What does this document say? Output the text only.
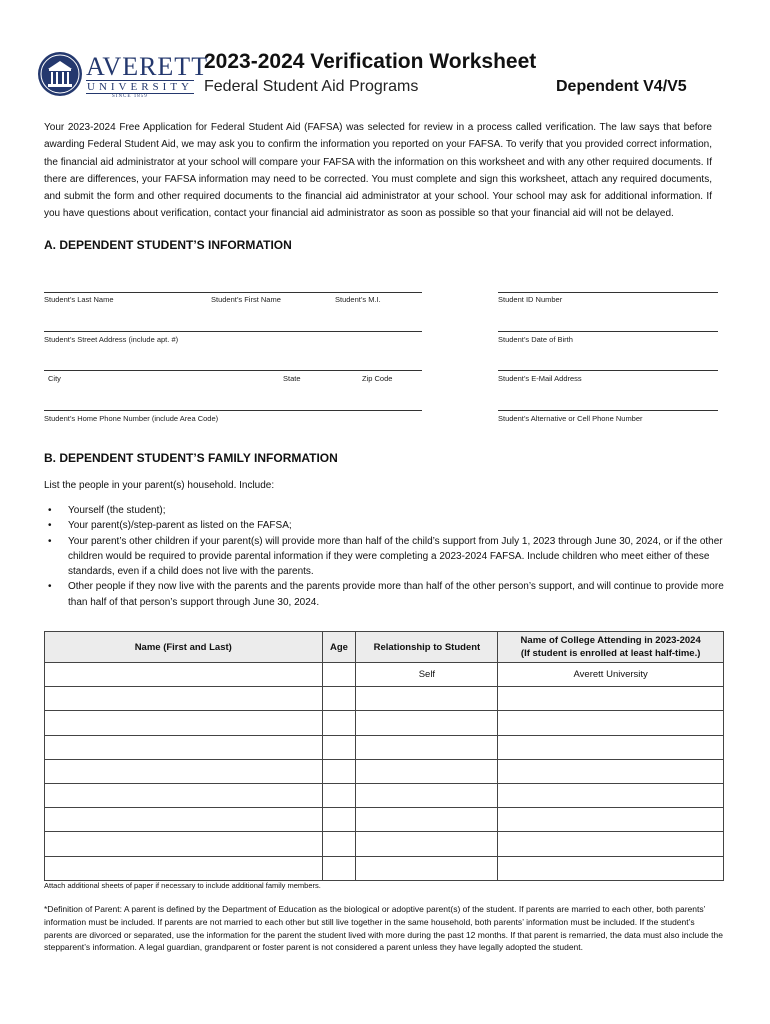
AVERETT
UNIVERSITY
SINCE 1859
2023-2024 Verification Worksheet
Federal Student Aid Programs	Dependent V4/V5
Your 2023-2024 Free Application for Federal Student Aid (FAFSA) was selected for review in a process called verification. The law says that before awarding Federal Student Aid, we may ask you to confirm the information you reported on your FAFSA. To verify that you provided correct information, the financial aid administrator at your school will compare your FAFSA with the information on this worksheet and with any other required documents. If there are differences, your FAFSA information may need to be corrected. You must complete and sign this worksheet, attach any required documents, and submit the form and other required documents to the financial aid administrator at your school. Your school may ask for additional information. If you have questions about verification, contact your financial aid administrator as soon as possible so that your financial aid will not be delayed.
A. DEPENDENT STUDENT’S INFORMATION
Student’s Last Name	Student’s First Name	Student’s M.I.	Student ID Number
Student’s Street Address (include apt. #)	Student’s Date of Birth
City	State	Zip Code	Student’s E-Mail Address
Student’s Home Phone Number (include Area Code)	Student’s Alternative or Cell Phone Number
B. DEPENDENT STUDENT’S FAMILY INFORMATION
List the people in your parent(s) household. Include:
• Yourself (the student);
• Your parent(s)/step-parent as listed on the FAFSA;
• Your parent’s other children if your parent(s) will provide more than half of the child’s support from July 1, 2023 through June 30, 2024, or if the other children would be required to provide parental information if they were completing a 2023-2024 FAFSA. Include children who meet either of these standards, even if a child does not live with the parents.
• Other people if they now live with the parents and the parents provide more than half of the other person’s support, and will continue to provide more than half of that person’s support through June 30, 2024.
Name (First and Last)	Age	Relationship to Student	Name of College Attending in 2023-2024
(If student is enrolled at least half-time.)

		Self	Averett University

Attach additional sheets of paper if necessary to include additional family members.
*Definition of Parent: A parent is defined by the Department of Education as the biological or adoptive parent(s) of the student. If parents are married to each other, both parents’ information must be included. If parents are not married to each other but still live together in the same household, both parents’ information must be included. If the student’s parents are divorced or separated, use the information for the parent the student lived with more during the past 12 months. If that parent is remarried, the data must also include the stepparent’s information. A legal guardian, grandparent or foster parent is not considered a parent unless they have legally adopted the student.
